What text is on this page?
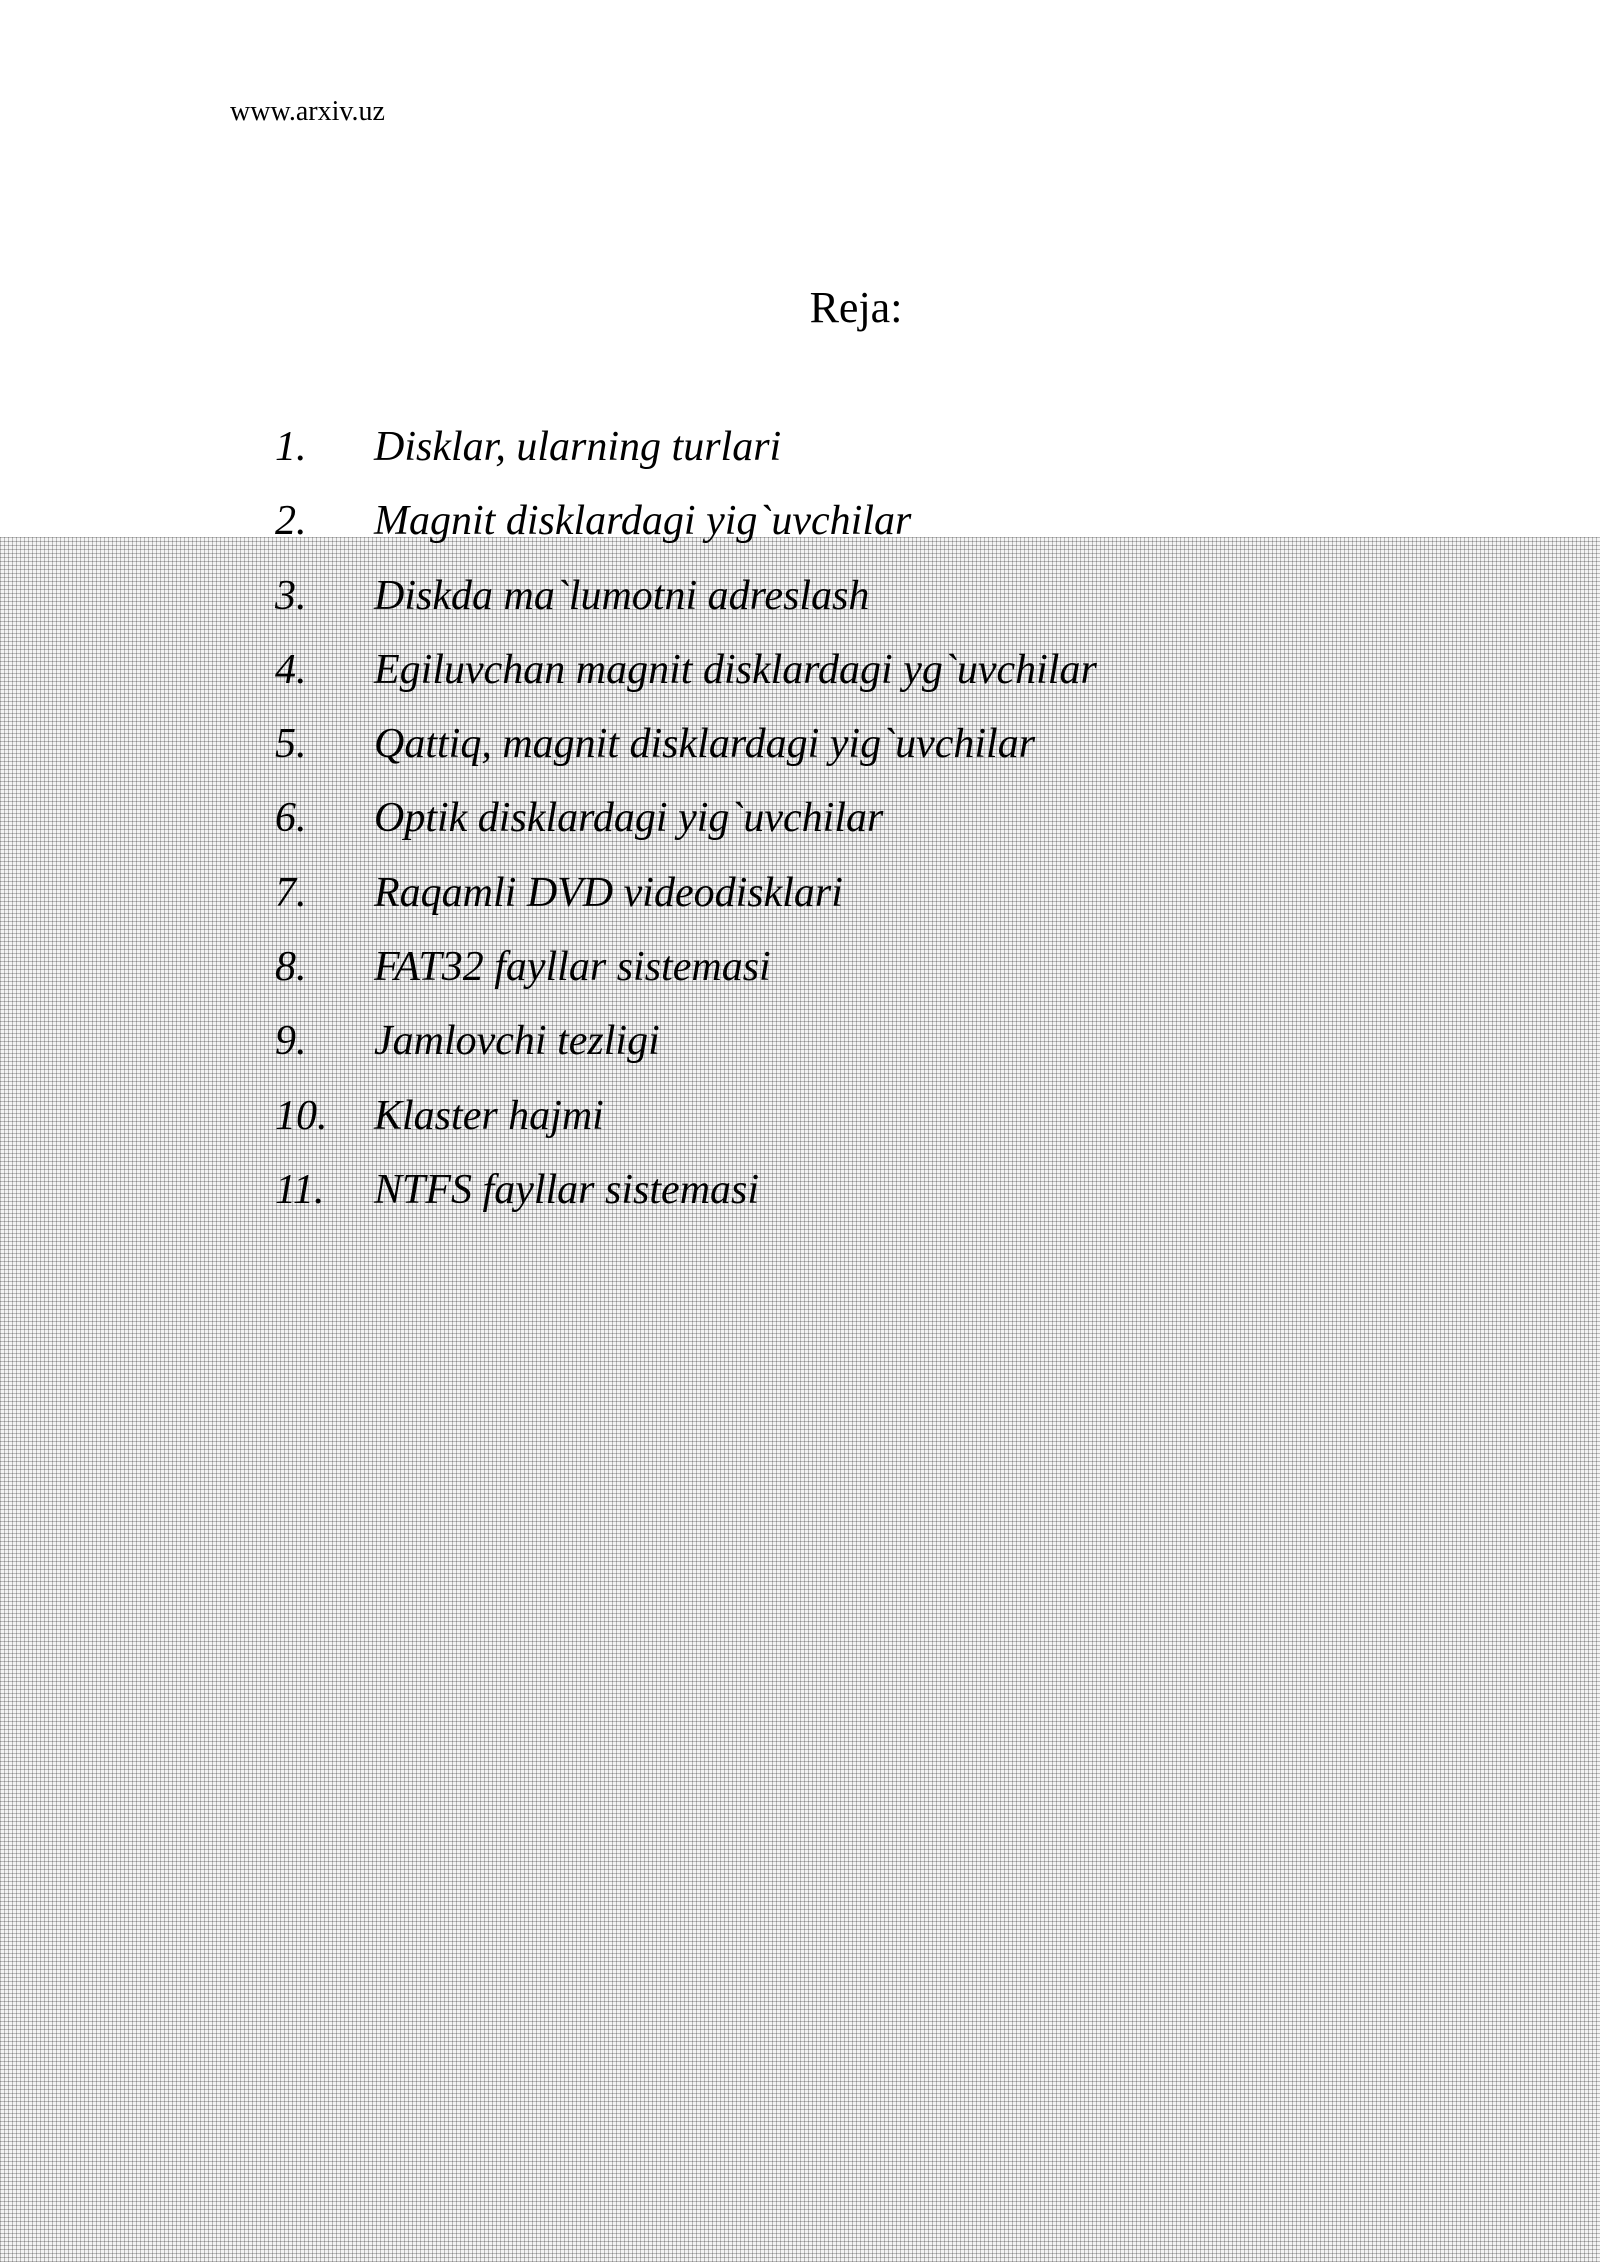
www.arxiv.uz
Reja:
1.	Disklar, ularning turlari
2.	Magnit disklardagi yig`uvchilar
3.	Diskda ma`lumotni adreslash
4.	Egiluvchan magnit disklardagi yg`uvchilar
5.	Qattiq, magnit disklardagi yig`uvchilar
6.	Optik disklardagi yig`uvchilar
7.	Raqamli DVD videodisklari
8.	FAT32 fayllar sistemasi
9.	Jamlovchi tezligi
10.	Klaster hajmi
11.	NTFS fayllar sistemasi
